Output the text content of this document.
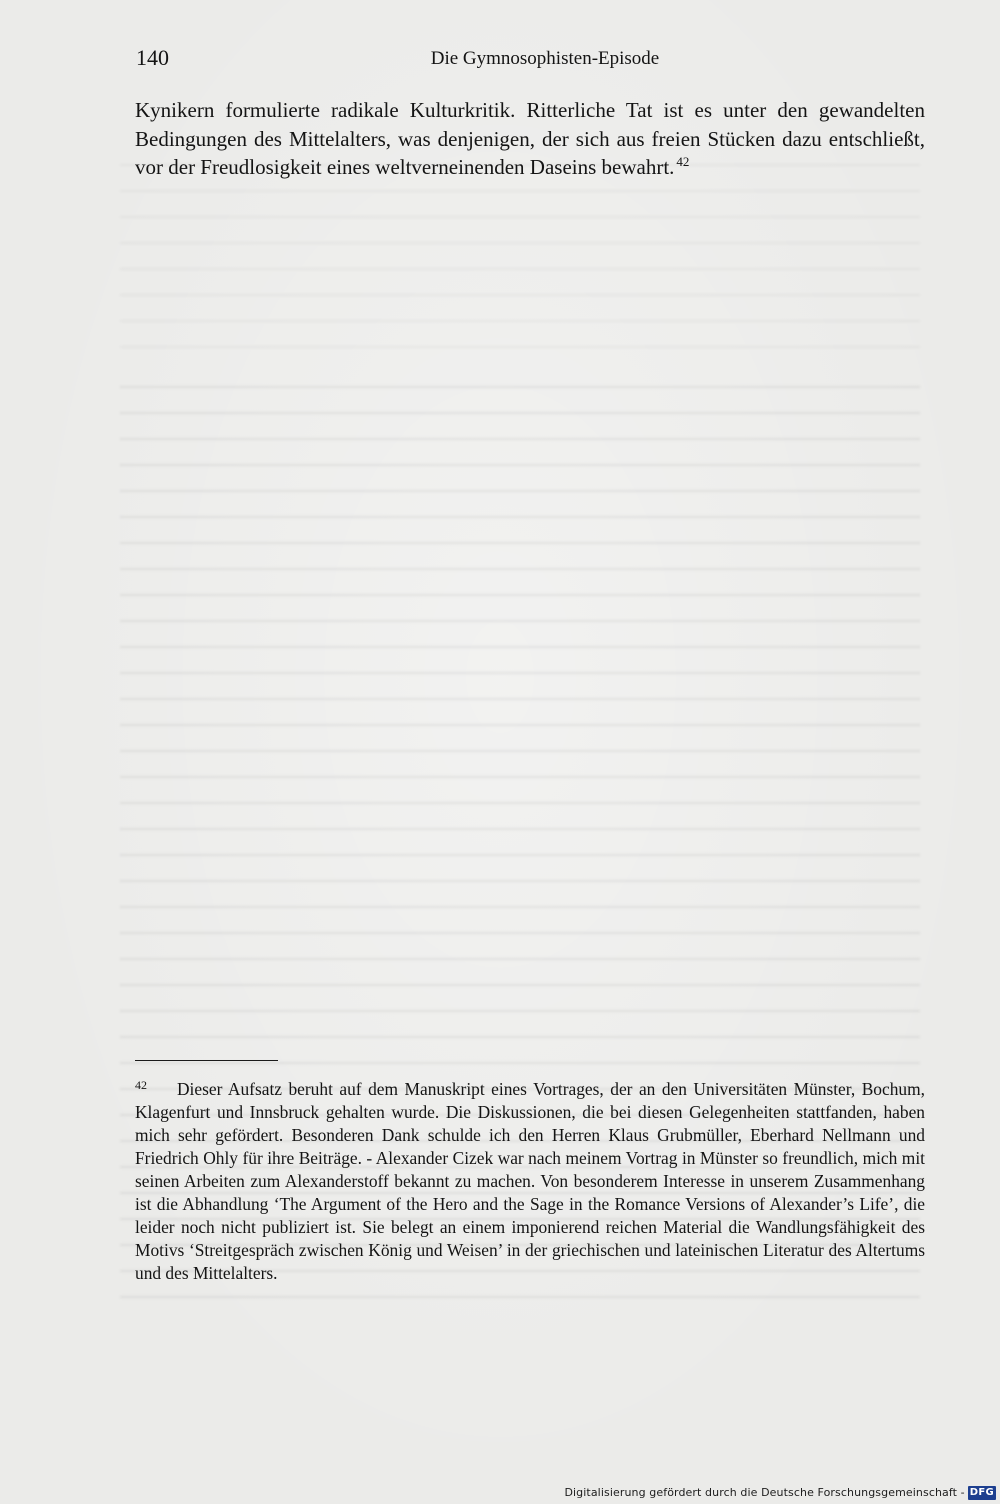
140	Die Gymnosophisten-Episode

Kynikern formulierte radikale Kulturkritik. Ritterliche Tat ist es unter den gewandelten Bedingungen des Mittelalters, was denjenigen, der sich aus freien Stücken dazu entschließt, vor der Freudlosigkeit eines weltverneinenden Daseins bewahrt. $^{42}$

42 Dieser Aufsatz beruht auf dem Manuskript eines Vortrages, der an den Universitäten Münster, Bochum, Klagenfurt und Innsbruck gehalten wurde. Die Diskussionen, die bei diesen Gelegenheiten stattfanden, haben mich sehr gefördert. Besonderen Dank schulde ich den Herren Klaus Grubmüller, Eberhard Nellmann und Friedrich Ohly für ihre Beiträge. - Alexander Cizek war nach meinem Vortrag in Münster so freundlich, mich mit seinen Arbeiten zum Alexanderstoff bekannt zu machen. Von besonderem Interesse in unserem Zusammenhang ist die Abhandlung ‘The Argument of the Hero and the Sage in the Romance Versions of Alexander’s Life’, die leider noch nicht publiziert ist. Sie belegt an einem imponierend reichen Material die Wandlungsfähigkeit des Motivs ‘Streitgespräch zwischen König und Weisen’ in der griechischen und lateinischen Literatur des Altertums und des Mittelalters.

Digitalisierung gefördert durch die Deutsche Forschungsgemeinschaft - DFG
